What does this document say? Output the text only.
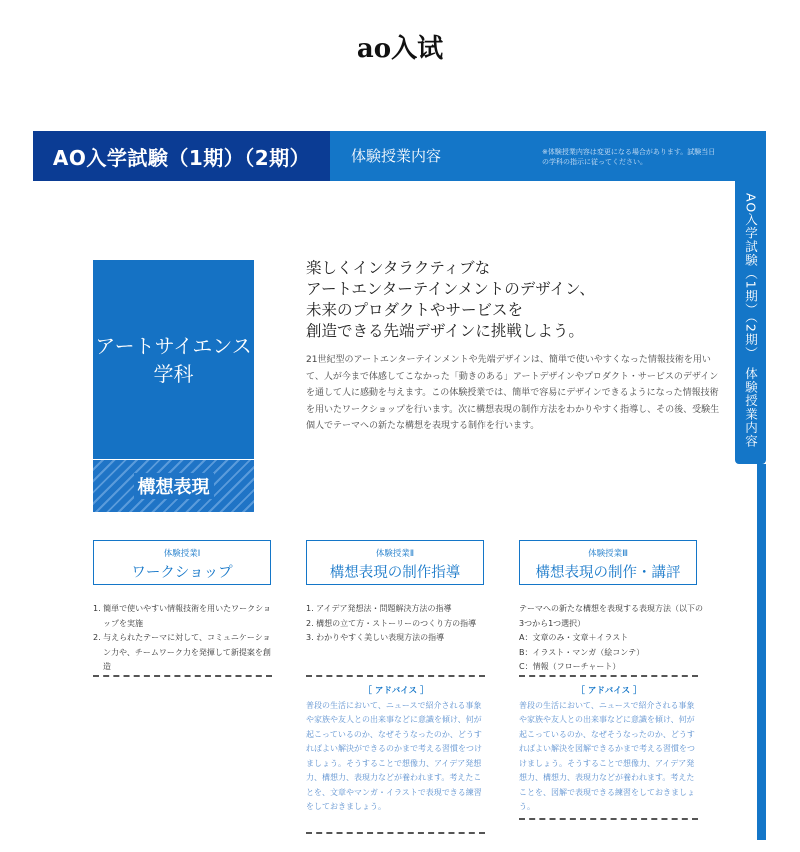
ao入试
AO入学試験（1期）（2期）	体験授業内容	※体験授業内容は変更になる場合があります。試験当日の学科の指示に従ってください。
AO入学試験（1期）（2期）　体験授業内容
アートサイエンス
学科
構想表現
楽しくインタラクティブな
アートエンターテインメントのデザイン、
未来のプロダクトやサービスを
創造できる先端デザインに挑戦しよう。
21世紀型のアートエンターテインメントや先端デザインは、簡単で使いやすくなった情報技術を用いて、人が今まで体感してこなかった「動きのある」アートデザインやプロダクト・サービスのデザインを通して人に感動を与えます。この体験授業では、簡単で容易にデザインできるようになった情報技術を用いたワークショップを行います。次に構想表現の制作方法をわかりやすく指導し、その後、受験生個人でテーマへの新たな構想を表現する制作を行います。
体験授業Ⅰ
ワークショップ
1. 簡単で使いやすい情報技術を用いたワークショップを実施
2. 与えられたテーマに対して、コミュニケーション力や、チームワーク力を発揮して新提案を創造
体験授業Ⅱ
構想表現の制作指導
1. アイデア発想法・問題解決方法の指導
2. 構想の立て方・ストーリーのつくり方の指導
3. わかりやすく美しい表現方法の指導
［ アドバイス ］
普段の生活において、ニュースで紹介される事象や家族や友人との出来事などに意識を傾け、何が起こっているのか、なぜそうなったのか、どうすればよい解決ができるのかまで考える習慣をつけましょう。そうすることで想像力、アイデア発想力、構想力、表現力などが養われます。考えたことを、文章やマンガ・イラストで表現できる練習をしておきましょう。
体験授業Ⅲ
構想表現の制作・講評
テーマへの新たな構想を表現する表現方法（以下の3つから1つ選択）
A：文章のみ・文章＋イラスト
B：イラスト・マンガ（絵コンテ）
C：情報（フローチャート）
［ アドバイス ］
普段の生活において、ニュースで紹介される事象や家族や友人との出来事などに意識を傾け、何が起こっているのか、なぜそうなったのか、どうすればよい解決を図解できるかまで考える習慣をつけましょう。そうすることで想像力、アイデア発想力、構想力、表現力などが養われます。考えたことを、図解で表現できる練習をしておきましょう。
